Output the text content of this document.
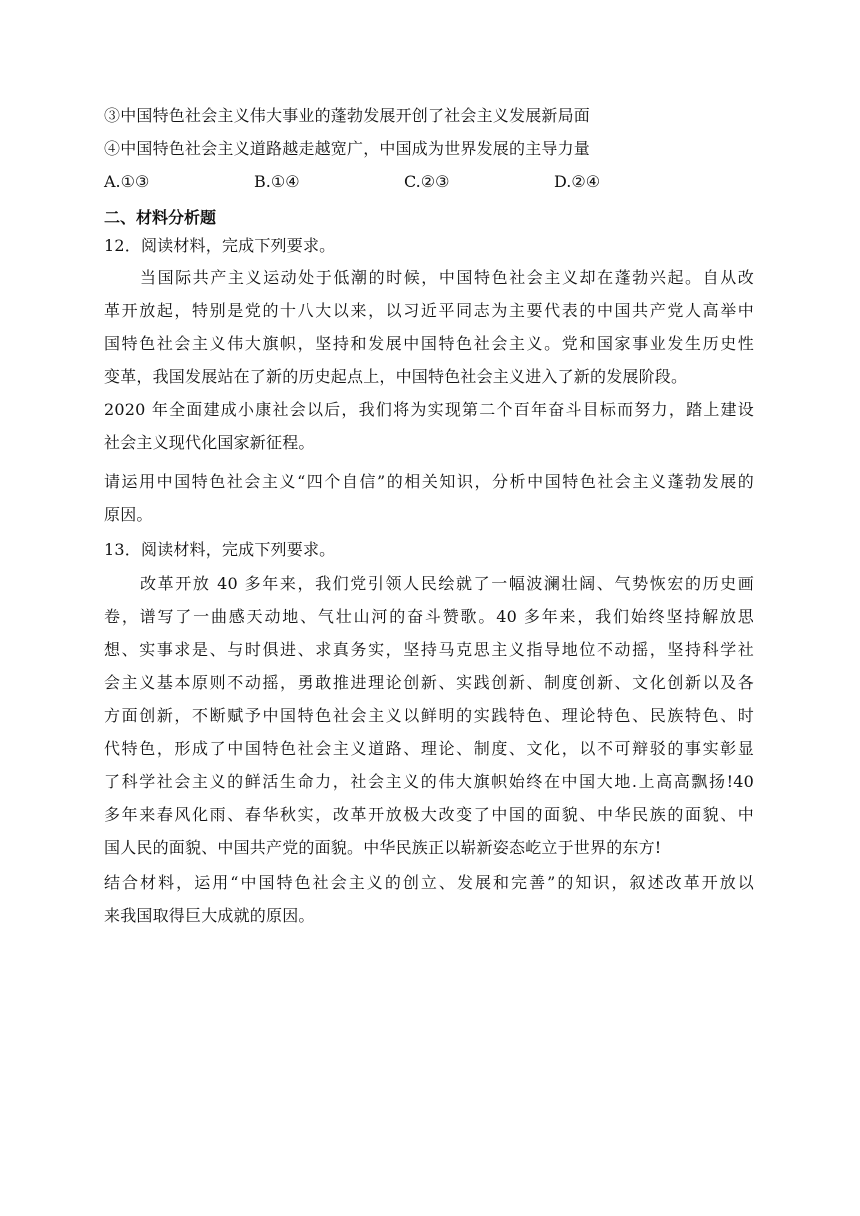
③中国特色社会主义伟大事业的蓬勃发展开创了社会主义发展新局面
④中国特色社会主义道路越走越宽广，中国成为世界发展的主导力量
A.①③	B.①④	C.②③	D.②④
二、材料分析题
12．阅读材料，完成下列要求。
当国际共产主义运动处于低潮的时候，中国特色社会主义却在蓬勃兴起。自从改
革开放起，特别是党的十八大以来，以习近平同志为主要代表的中国共产党人高举中
国特色社会主义伟大旗帜，坚持和发展中国特色社会主义。党和国家事业发生历史性
变革，我国发展站在了新的历史起点上，中国特色社会主义进入了新的发展阶段。
2020 年全面建成小康社会以后，我们将为实现第二个百年奋斗目标而努力，踏上建设
社会主义现代化国家新征程。
请运用中国特色社会主义“四个自信”的相关知识，分析中国特色社会主义蓬勃发展的
原因。
13．阅读材料，完成下列要求。
改革开放 40 多年来，我们党引领人民绘就了一幅波澜壮阔、气势恢宏的历史画
卷，谱写了一曲感天动地、气壮山河的奋斗赞歌。40 多年来，我们始终坚持解放思
想、实事求是、与时俱进、求真务实，坚持马克思主义指导地位不动摇，坚持科学社
会主义基本原则不动摇，勇敢推进理论创新、实践创新、制度创新、文化创新以及各
方面创新，不断赋予中国特色社会主义以鲜明的实践特色、理论特色、民族特色、时
代特色，形成了中国特色社会主义道路、理论、制度、文化，以不可辩驳的事实彰显
了科学社会主义的鲜活生命力，社会主义的伟大旗帜始终在中国大地.上高高飘扬!40
多年来春风化雨、春华秋实，改革开放极大改变了中国的面貌、中华民族的面貌、中
国人民的面貌、中国共产党的面貌。中华民族正以崭新姿态屹立于世界的东方!
结合材料，运用“中国特色社会主义的创立、发展和完善”的知识，叙述改革开放以
来我国取得巨大成就的原因。
